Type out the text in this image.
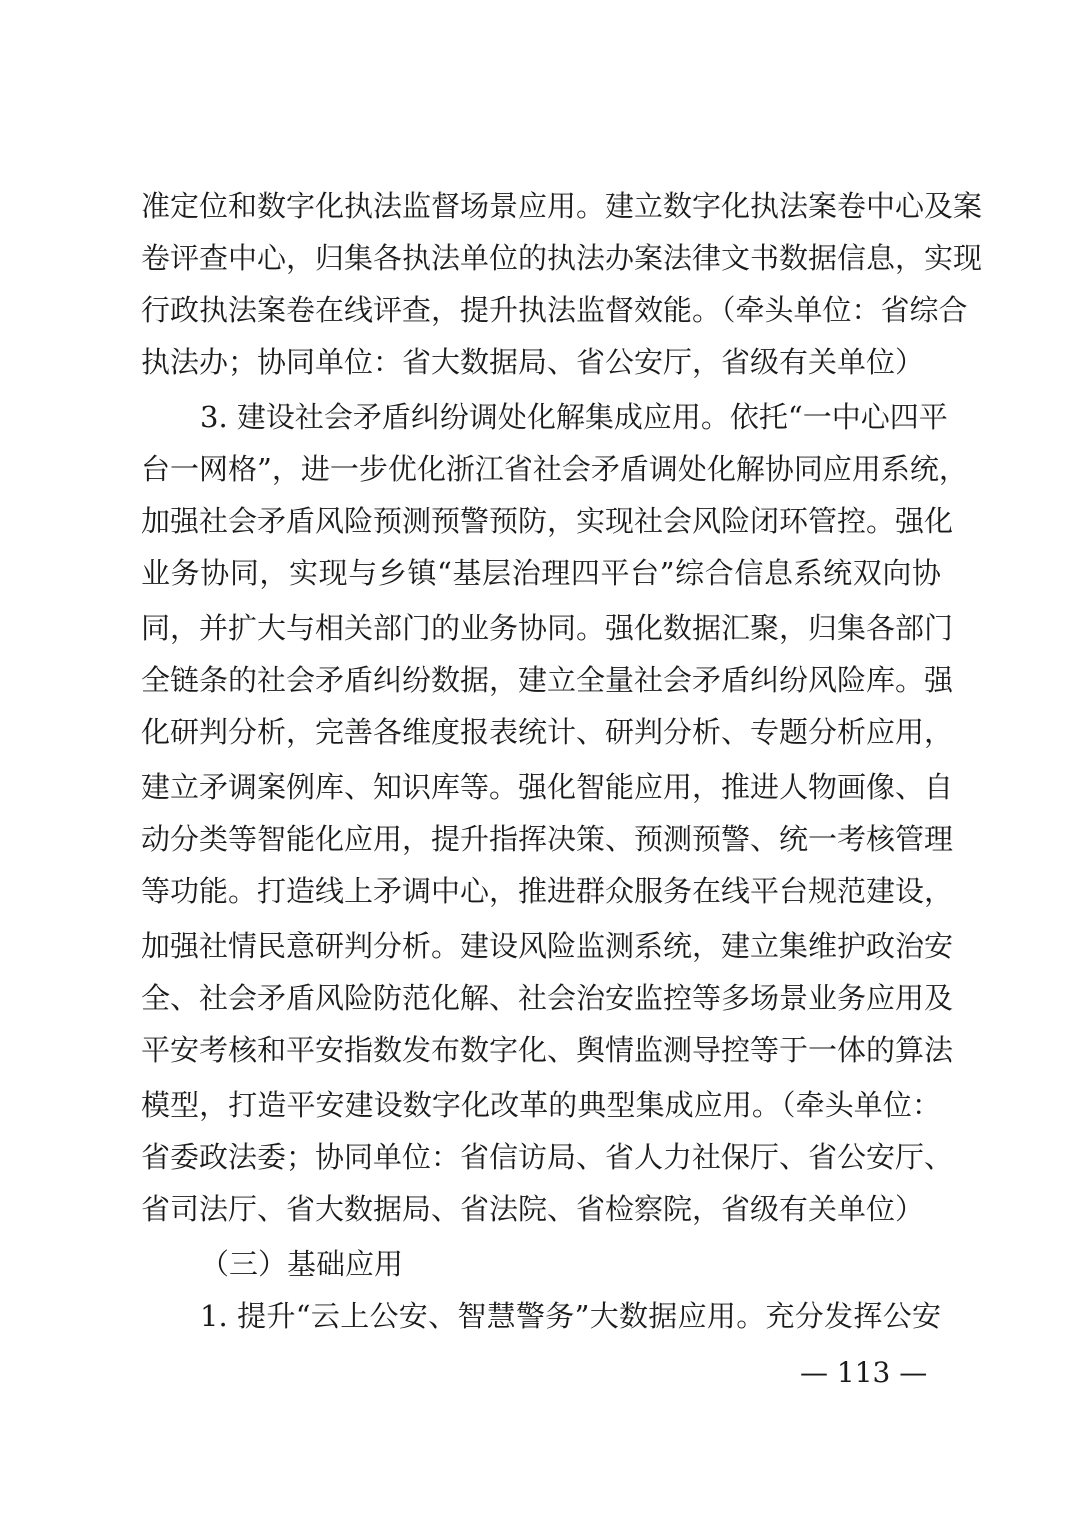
准定位和数字化执法监督场景应用。建立数字化执法案卷中心及案
卷评查中心，归集各执法单位的执法办案法律文书数据信息，实现
行政执法案卷在线评查，提升执法监督效能。（牵头单位：省综合
执法办；协同单位：省大数据局、省公安厅，省级有关单位）
3. 建设社会矛盾纠纷调处化解集成应用。依托“一中心四平
台一网格”，进一步优化浙江省社会矛盾调处化解协同应用系统，
加强社会矛盾风险预测预警预防，实现社会风险闭环管控。强化
业务协同，实现与乡镇“基层治理四平台”综合信息系统双向协
同，并扩大与相关部门的业务协同。强化数据汇聚，归集各部门
全链条的社会矛盾纠纷数据，建立全量社会矛盾纠纷风险库。强
化研判分析，完善各维度报表统计、研判分析、专题分析应用，
建立矛调案例库、知识库等。强化智能应用，推进人物画像、自
动分类等智能化应用，提升指挥决策、预测预警、统一考核管理
等功能。打造线上矛调中心，推进群众服务在线平台规范建设，
加强社情民意研判分析。建设风险监测系统，建立集维护政治安
全、社会矛盾风险防范化解、社会治安监控等多场景业务应用及
平安考核和平安指数发布数字化、舆情监测导控等于一体的算法
模型，打造平安建设数字化改革的典型集成应用。（牵头单位：
省委政法委；协同单位：省信访局、省人力社保厅、省公安厅、
省司法厅、省大数据局、省法院、省检察院，省级有关单位）
（三）基础应用
1. 提升“云上公安、智慧警务”大数据应用。充分发挥公安
— 113 —
